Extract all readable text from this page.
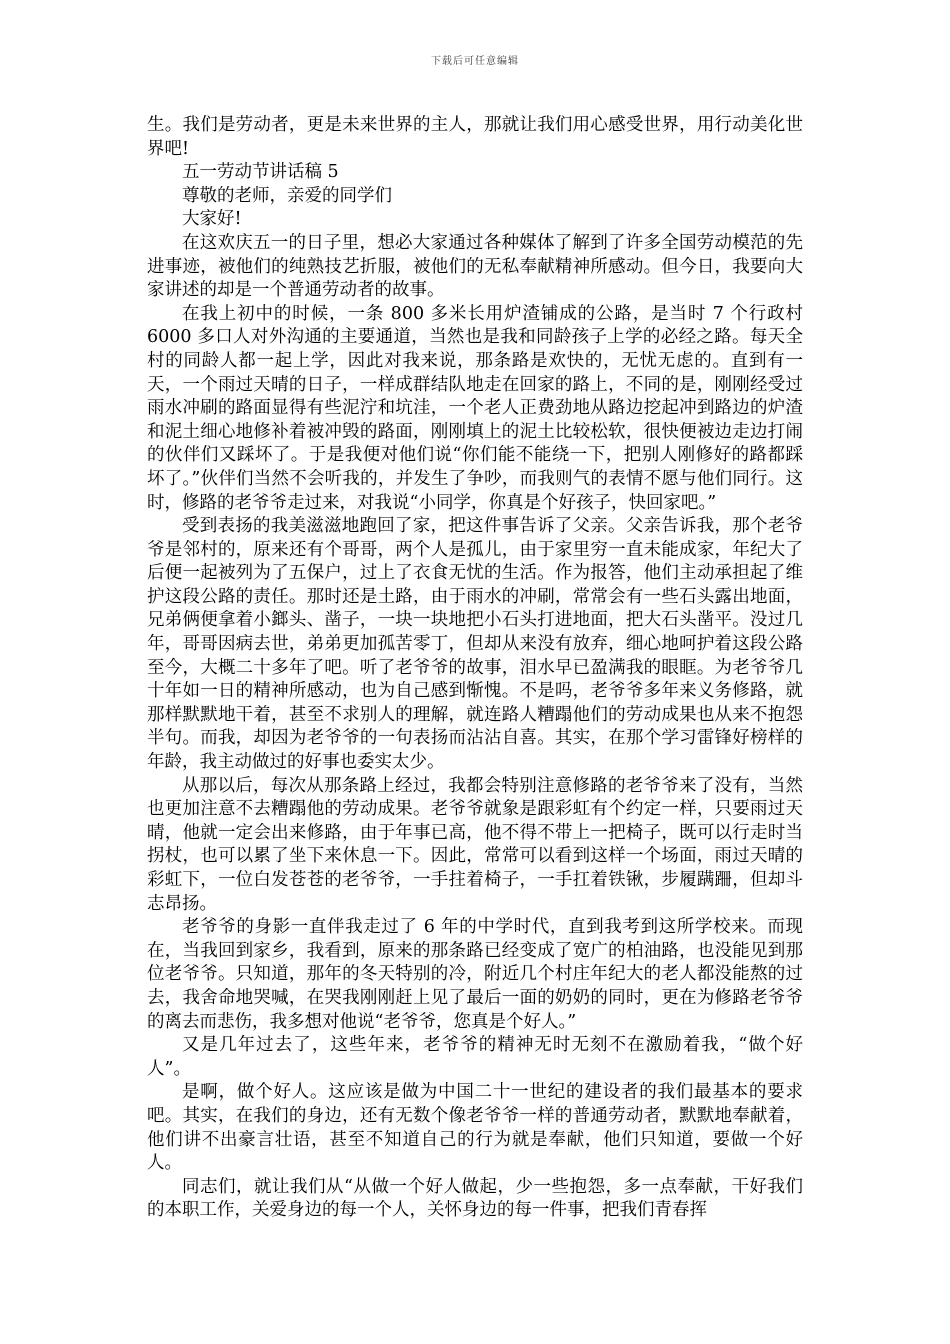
下载后可任意编辑

生。我们是劳动者，更是未来世界的主人，那就让我们用心感受世界，用行动美化世界吧!

五一劳动节讲话稿 5

尊敬的老师，亲爱的同学们

大家好!

在这欢庆五一的日子里，想必大家通过各种媒体了解到了许多全国劳动模范的先进事迹，被他们的纯熟技艺折服，被他们的无私奉献精神所感动。但今日，我要向大家讲述的却是一个普通劳动者的故事。

在我上初中的时候，一条 800 多米长用炉渣铺成的公路，是当时 7 个行政村 6000 多口人对外沟通的主要通道，当然也是我和同龄孩子上学的必经之路。每天全村的同龄人都一起上学，因此对我来说，那条路是欢快的，无忧无虑的。直到有一天，一个雨过天晴的日子，一样成群结队地走在回家的路上，不同的是，刚刚经受过雨水冲刷的路面显得有些泥泞和坑洼，一个老人正费劲地从路边挖起冲到路边的炉渣和泥土细心地修补着被冲毁的路面，刚刚填上的泥土比较松软，很快便被边走边打闹的伙伴们又踩坏了。于是我便对他们说“你们能不能绕一下，把别人刚修好的路都踩坏了。”伙伴们当然不会听我的，并发生了争吵，而我则气的表情不愿与他们同行。这时，修路的老爷爷走过来，对我说“小同学，你真是个好孩子，快回家吧。”

受到表扬的我美滋滋地跑回了家，把这件事告诉了父亲。父亲告诉我，那个老爷爷是邻村的，原来还有个哥哥，两个人是孤儿，由于家里穷一直未能成家，年纪大了后便一起被列为了五保户，过上了衣食无忧的生活。作为报答，他们主动承担起了维护这段公路的责任。那时还是土路，由于雨水的冲刷，常常会有一些石头露出地面，兄弟俩便拿着小鎯头、凿子，一块一块地把小石头打进地面，把大石头凿平。没过几年，哥哥因病去世，弟弟更加孤苦零丁，但却从来没有放弃，细心地呵护着这段公路至今，大概二十多年了吧。听了老爷爷的故事，泪水早已盈满我的眼眶。为老爷爷几十年如一日的精神所感动，也为自己感到惭愧。不是吗，老爷爷多年来义务修路，就那样默默地干着，甚至不求别人的理解，就连路人糟蹋他们的劳动成果也从来不抱怨半句。而我，却因为老爷爷的一句表扬而沾沾自喜。其实，在那个学习雷锋好榜样的年龄，我主动做过的好事也委实太少。

从那以后，每次从那条路上经过，我都会特别注意修路的老爷爷来了没有，当然也更加注意不去糟蹋他的劳动成果。老爷爷就象是跟彩虹有个约定一样，只要雨过天晴，他就一定会出来修路，由于年事已高，他不得不带上一把椅子，既可以行走时当拐杖，也可以累了坐下来休息一下。因此，常常可以看到这样一个场面，雨过天晴的彩虹下，一位白发苍苍的老爷爷，一手拄着椅子，一手扛着铁锹，步履蹒跚，但却斗志昂扬。

老爷爷的身影一直伴我走过了 6 年的中学时代，直到我考到这所学校来。而现在，当我回到家乡，我看到，原来的那条路已经变成了宽广的柏油路，也没能见到那位老爷爷。只知道，那年的冬天特别的冷，附近几个村庄年纪大的老人都没能熬的过去，我舍命地哭喊，在哭我刚刚赶上见了最后一面的奶奶的同时，更在为修路老爷爷的离去而悲伤，我多想对他说“老爷爷，您真是个好人。”

又是几年过去了，这些年来，老爷爷的精神无时无刻不在激励着我，“做个好人”。

是啊，做个好人。这应该是做为中国二十一世纪的建设者的我们最基本的要求吧。其实，在我们的身边，还有无数个像老爷爷一样的普通劳动者，默默地奉献着，他们讲不出豪言壮语，甚至不知道自己的行为就是奉献，他们只知道，要做一个好人。

同志们，就让我们从“从做一个好人做起，少一些抱怨，多一点奉献，干好我们的本职工作，关爱身边的每一个人，关怀身边的每一件事，把我们青春挥
